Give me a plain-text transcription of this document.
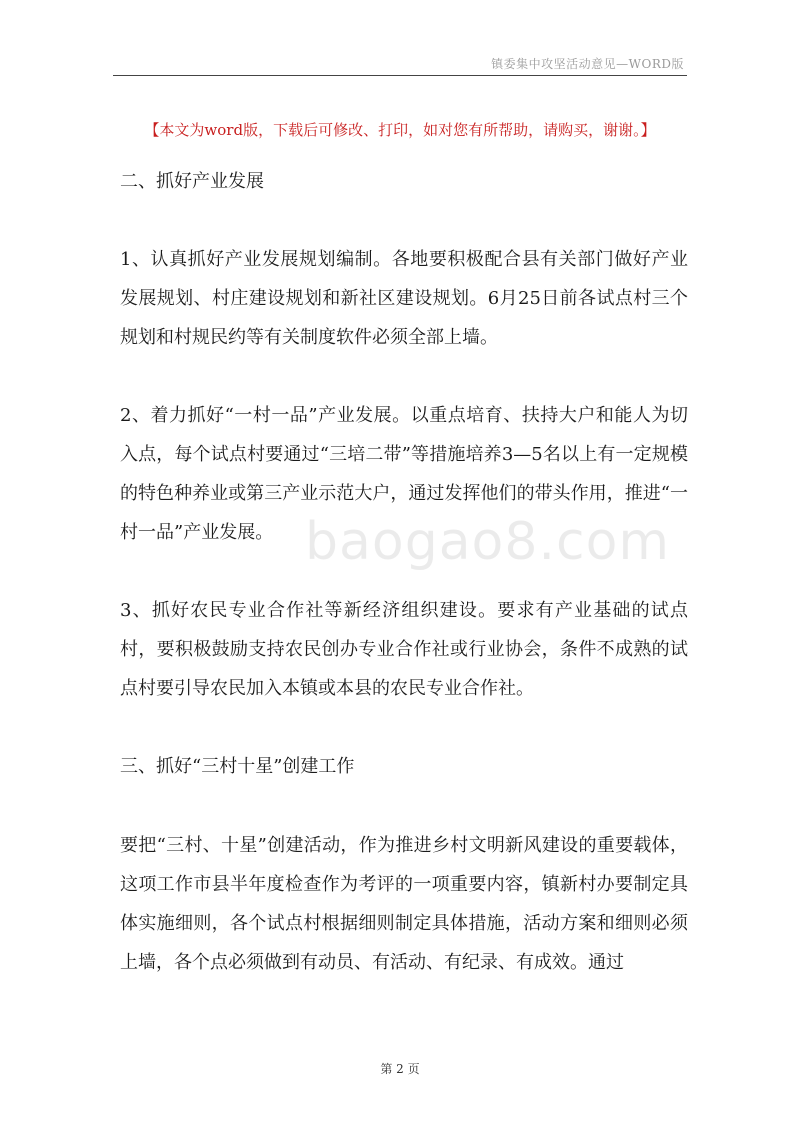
镇委集中攻坚活动意见—WORD版
【本文为word版，下载后可修改、打印，如对您有所帮助，请购买，谢谢。】

二、抓好产业发展

1、认真抓好产业发展规划编制。各地要积极配合县有关部门做好产业发展规划、村庄建设规划和新社区建设规划。6月25日前各试点村三个规划和村规民约等有关制度软件必须全部上墙。

2、着力抓好“一村一品”产业发展。以重点培育、扶持大户和能人为切入点，每个试点村要通过“三培二带”等措施培养3—5名以上有一定规模的特色种养业或第三产业示范大户，通过发挥他们的带头作用，推进“一村一品”产业发展。

3、抓好农民专业合作社等新经济组织建设。要求有产业基础的试点村，要积极鼓励支持农民创办专业合作社或行业协会，条件不成熟的试点村要引导农民加入本镇或本县的农民专业合作社。

三、抓好“三村十星”创建工作

要把“三村、十星”创建活动，作为推进乡村文明新风建设的重要载体，这项工作市县半年度检查作为考评的一项重要内容，镇新村办要制定具体实施细则，各个试点村根据细则制定具体措施，活动方案和细则必须上墙，各个点必须做到有动员、有活动、有纪录、有成效。通过

baogao8.com
第 2 页
